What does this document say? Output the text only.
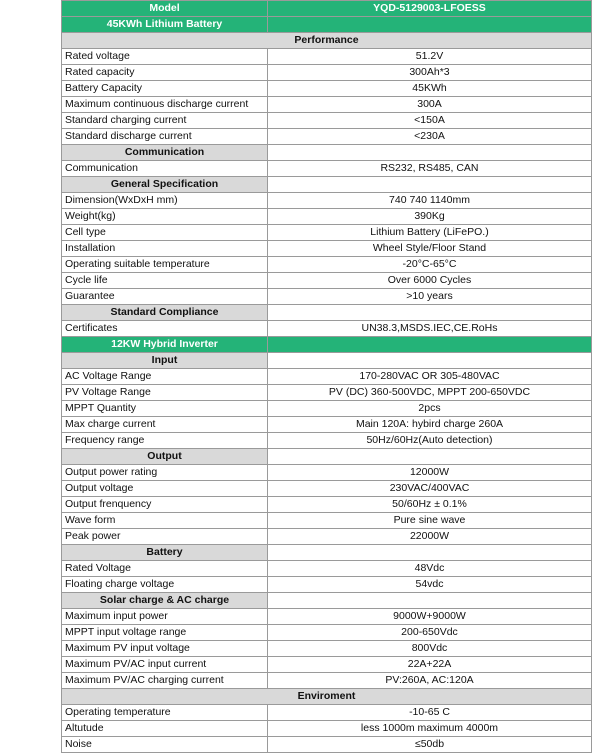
Model	YQD-5129003-LFOESS
45KWh Lithium Battery	
Performance	
Rated voltage	51.2V
Rated capacity	300Ah*3
Battery Capacity	45KWh
Maximum continuous discharge current	300A
Standard charging current	<150A
Standard discharge current	<230A
Communication	
Communication	RS232, RS485, CAN
General Specification	
Dimension(WxDxH mm)	740 740 1140mm
Weight(kg)	390Kg
Cell type	Lithium Battery (LiFePO.)
Installation	Wheel Style/Floor Stand
Operating suitable temperature	-20°C-65°C
Cycle life	Over 6000 Cycles
Guarantee	>10 years
Standard Compliance	
Certificates	UN38.3,MSDS.IEC,CE.RoHs
12KW Hybrid Inverter	
Input	
AC Voltage Range	170-280VAC OR 305-480VAC
PV Voltage Range	PV (DC) 360-500VDC, MPPT 200-650VDC
MPPT Quantity	2pcs
Max charge current	Main 120A: hybird charge 260A
Frequency range	50Hz/60Hz(Auto detection)
Output	
Output power rating	12000W
Output voltage	230VAC/400VAC
Output frenquency	50/60Hz ± 0.1%
Wave form	Pure sine wave
Peak power	22000W
Battery	
Rated Voltage	48Vdc
Floating charge voltage	54vdc
Solar charge & AC charge	
Maximum input power	9000W+9000W
MPPT input voltage range	200-650Vdc
Maximum PV input voltage	800Vdc
Maximum PV/AC input current	22A+22A
Maximum PV/AC charging current	PV:260A, AC:120A
Enviroment	
Operating temperature	-10-65 C
Altutude	less 1000m maximum 4000m
Noise	≤50db
